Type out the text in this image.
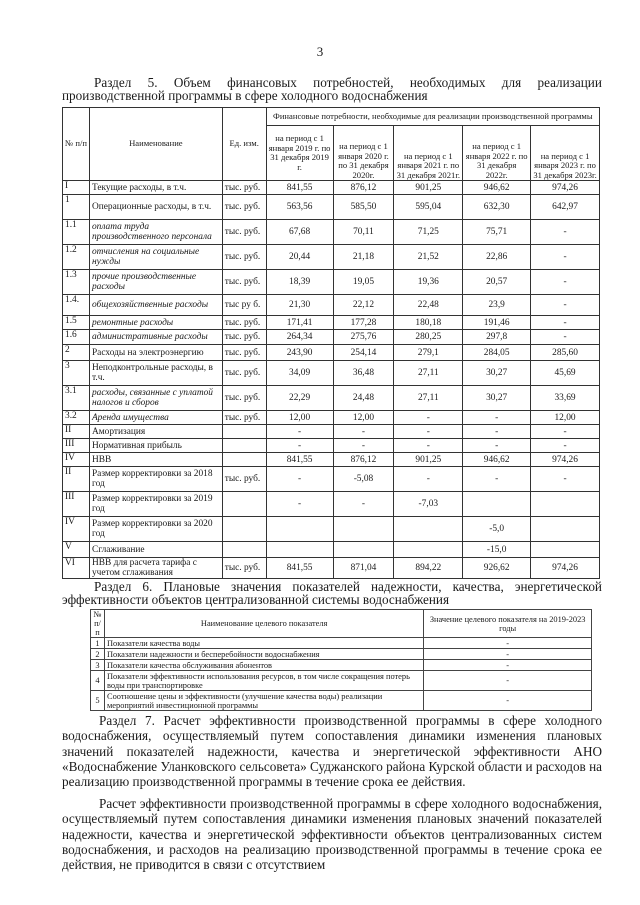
3
Раздел 5. Объем финансовых потребностей, необходимых для реализации
производственной программы в сфере холодного водоснабжения
№ п/п	Наименование	Ед. изм.	Финансовые потребности, необходимые для реализации производственной программы				
			на период с 1 января 2019 г. по 31 декабря 2019 г.	на период с 1 января 2020 г. по 31 декабря 2020г.	на период с 1 января 2021 г. по 31 декабря 2021г.	на период с 1 января 2022 г. по 31 декабря 2022г.	на период с 1 января 2023 г. по 31 декабря 2023г.
I	Текущие расходы, в т.ч.	тыс. руб.	841,55	876,12	901,25	946,62	974,26
1	Операционные расходы, в т.ч.	тыс. руб.	563,56	585,50	595,04	632,30	642,97
1.1	оплата труда производственного персонала	тыс. руб.	67,68	70,11	71,25	75,71	-
1.2	отчисления на социальные нужды	тыс. руб.	20,44	21,18	21,52	22,86	-
1.3	прочие производственные расходы	тыс. руб.	18,39	19,05	19,36	20,57	-
1.4.	общехозяйственные расходы	тыс ру б.	21,30	22,12	22,48	23,9	-
1.5	ремонтные расходы	тыс. руб.	171,41	177,28	180,18	191,46	-
1.6	административные расходы	тыс. руб.	264,34	275,76	280,25	297,8	-
2	Расходы на электроэнергию	тыс. руб.	243,90	254,14	279,1	284,05	285,60
3	Неподконтрольные расходы, в т.ч.	тыс. руб.	34,09	36,48	27,11	30,27	45,69
3.1	расходы, связанные с уплатой налогов и сборов	тыс. руб.	22,29	24,48	27,11	30,27	33,69
3.2	Аренда имущества	тыс. руб.	12,00	12,00	-	-	12,00
II	Амортизация		-	-	-	-	-
III	Нормативная прибыль		-	-	-	-	-
IV	НВВ		841,55	876,12	901,25	946,62	974,26
II	Размер корректировки за 2018 год	тыс. руб.	-	-5,08	-	-	-
III	Размер корректировки за 2019 год		-	-	-7,03		
IV	Размер корректировки за 2020 год					-5,0	
V	Сглаживание					-15,0	
VI	НВВ для расчета тарифа с учетом сглаживания	тыс. руб.	841,55	871,04	894,22	926,62	974,26
Раздел 6. Плановые значения показателей надежности, качества, энергетической
эффективности объектов централизованной системы водоснабжения
№ п/п	Наименование целевого показателя	Значение целевого показателя на 2019-2023 годы
1	Показатели качества воды	-
2	Показатели надежности и бесперебойности водоснабжения	-
3	Показатели качества обслуживания абонентов	-
4	Показатели эффективности использования ресурсов, в том числе сокращения потерь воды при транспортировке	-
5	Соотношение цены и эффективности (улучшение качества воды) реализации мероприятий инвестиционной программы	-
Раздел 7. Расчет эффективности производственной программы в сфере холодного водоснабжения, осуществляемый путем сопоставления динамики изменения плановых значений показателей надежности, качества и энергетической эффективности АНО «Водоснабжение Уланковского сельсовета» Суджанского района Курской области и расходов на реализацию производственной программы в течение срока ее действия.
Расчет эффективности производственной программы в сфере холодного водоснабжения, осуществляемый путем сопоставления динамики изменения плановых значений показателей надежности, качества и энергетической эффективности объектов централизованных систем водоснабжения, и расходов на реализацию производственной программы в течение срока ее действия, не приводится в связи с отсутствием
